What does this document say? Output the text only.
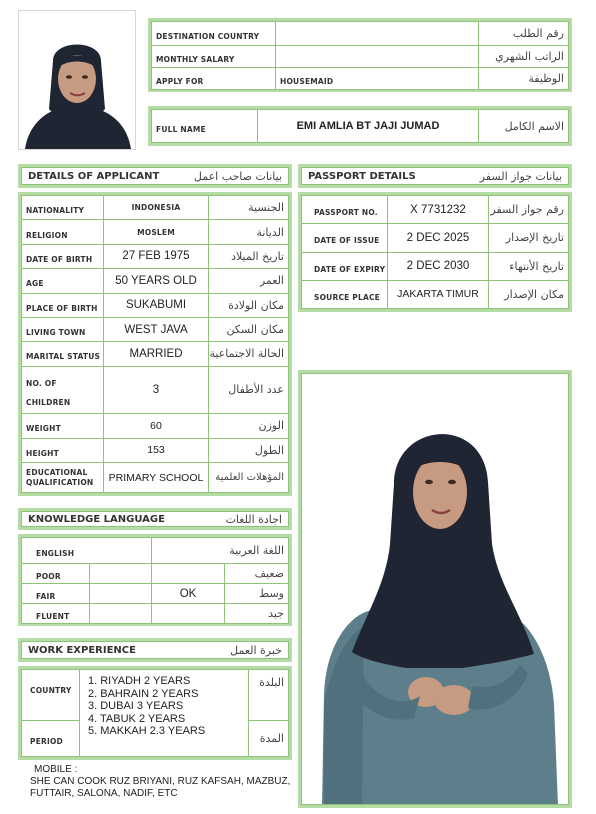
DESTINATION COUNTRY		رقم الطلب
MONTHLY SALARY		الراتب الشهري
APPLY FOR	HOUSEMAID	الوظيفة
FULL NAME	EMI AMLIA BT JAJI JUMAD	الاسم الكامل
DETAILS OF APPLICANT	بيانات صاحب اعمل
NATIONALITY	INDONESIA	الجنسية
RELIGION	MOSLEM	الديانة
DATE OF BIRTH	27 FEB 1975	تاريخ الميلاد
AGE	50 YEARS OLD	العمر
PLACE OF BIRTH	SUKABUMI	مكان الولادة
LIVING TOWN	WEST JAVA	مكان السكن
MARITAL STATUS	MARRIED	الحالة الاجتماعية
NO. OF CHILDREN	3	عدد الأطفال
WEIGHT	60	الوزن
HEIGHT	153	الطول

EDUCATIONAL QUALIFICATION	PRIMARY SCHOOL	المؤهلات العلمية
PASSPORT DETAILS	بيانات جواز السفر
PASSPORT NO.	X 7731232	رقم جواز السفر
DATE OF ISSUE	2 DEC 2025	تاريخ الإصدار
DATE OF EXPIRY	2 DEC 2030	تاريخ الأنتهاء
SOURCE PLACE	JAKARTA TIMUR	مكان الإصدار
KNOWLEDGE LANGUAGE	اجادة اللغات
ENGLISH		اللغة العربية	
POOR			ضعيف
FAIR		OK	وسط
FLUENT			جيد
WORK EXPERIENCE	خبرة العمل
COUNTRY	1. RIYADH 2 YEARS
2. BAHRAIN 2 YEARS
3. DUBAI 3 YEARS
4. TABUK 2 YEARS
5. MAKKAH 2.3 YEARS	البلدة
PERIOD		المدة
MOBILE :
SHE CAN COOK RUZ BRIYANI, RUZ KAFSAH, MAZBUZ,
FUTTAIR, SALONA, NADIF, ETC
